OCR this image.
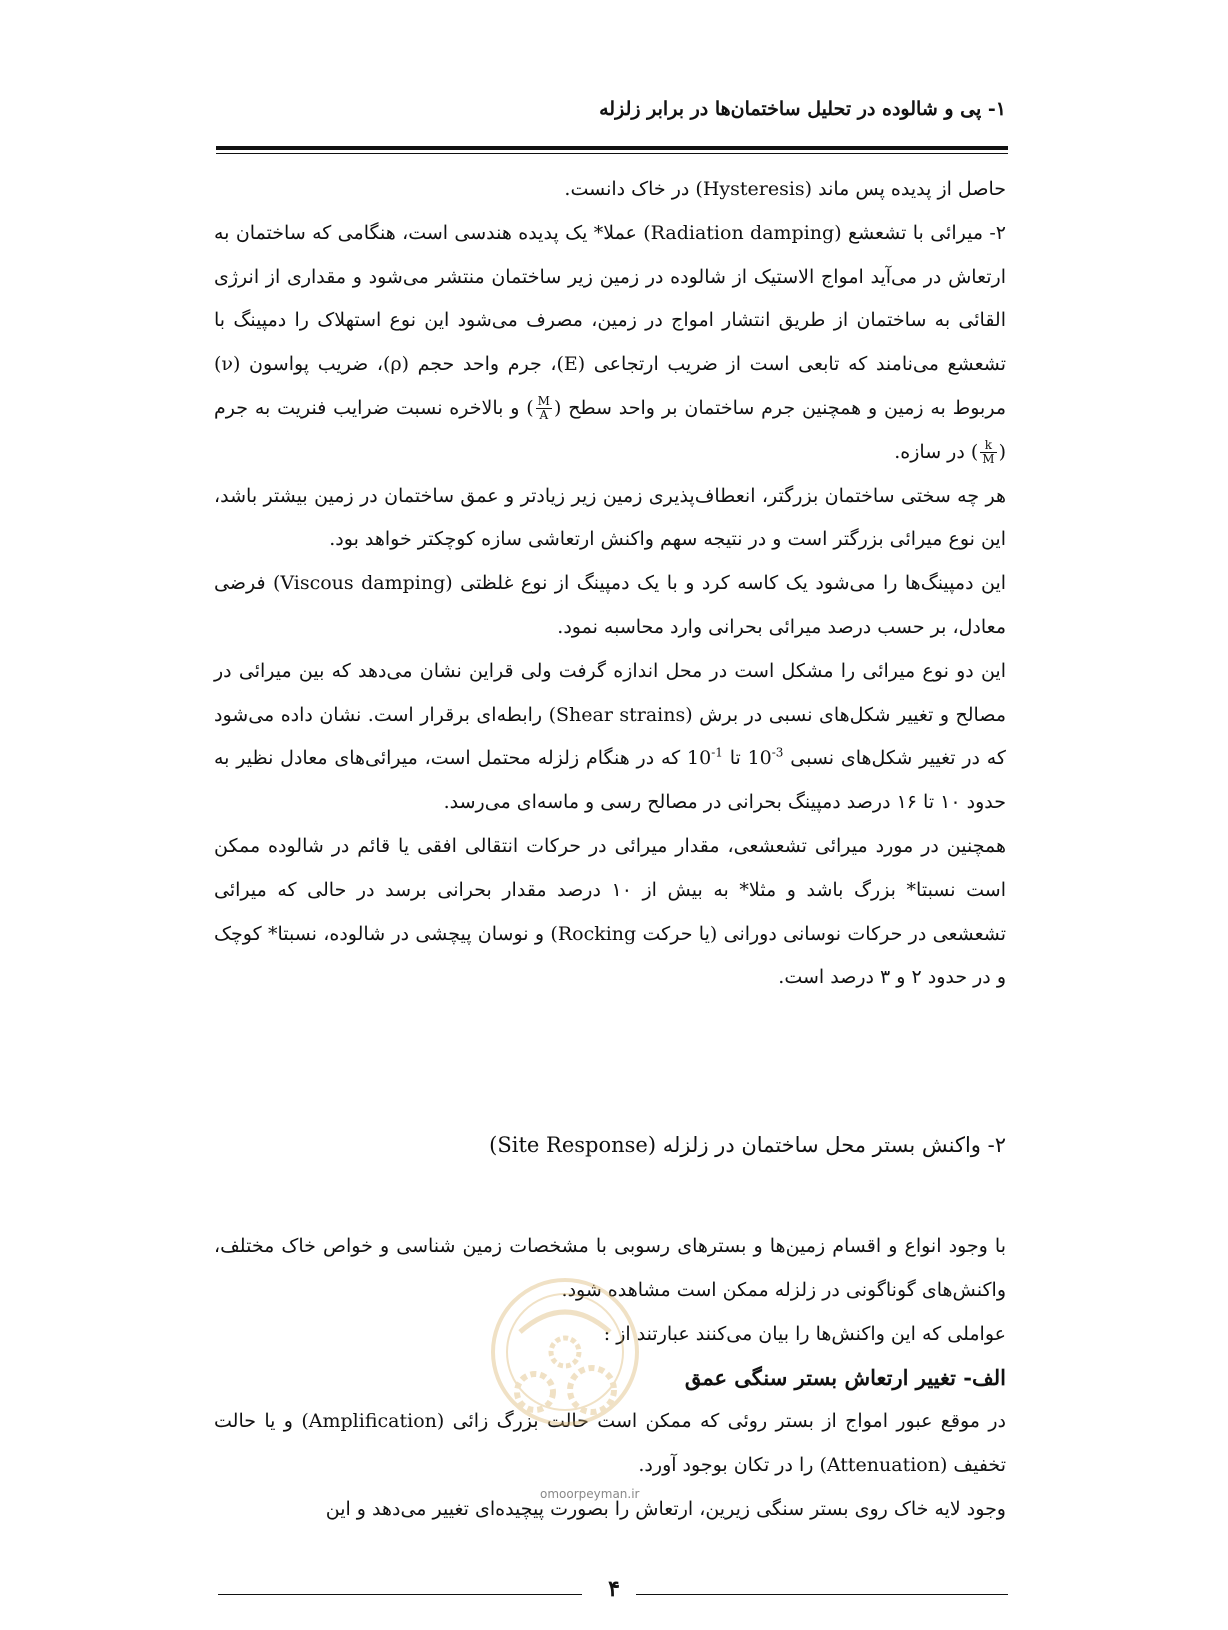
۱- پی و شالوده در تحلیل ساختمان‌ها در برابر زلزله

حاصل از پدیده پس ماند (Hysteresis) در خاک دانست.

۲- میرائی با تشعشع (Radiation damping) عملا* یک پدیده هندسی است، هنگامی که ساختمان به ارتعاش در می‌آید امواج الاستیک از شالوده در زمین زیر ساختمان منتشر می‌شود و مقداری از انرژی القائی به ساختمان از طریق انتشار امواج در زمین، مصرف می‌شود این نوع استهلاک را دمپینگ با تشعشع می‌نامند که تابعی است از ضریب ارتجاعی (E)، جرم واحد حجم (ρ)، ضریب پواسون (ν) مربوط به زمین و همچنین جرم ساختمان بر واحد سطح (
$\frac{M}{A}$
) و بالاخره نسبت ضرایب فنریت به جرم (
$\frac{k}{M}$
) در سازه.

هر چه سختی ساختمان بزرگتر، انعطاف‌پذیری زمین زیر زیادتر و عمق ساختمان در زمین بیشتر باشد، این نوع میرائی بزرگتر است و در نتیجه سهم واکنش ارتعاشی سازه کوچکتر خواهد بود.

این دمپینگ‌ها را می‌شود یک کاسه کرد و با یک دمپینگ از نوع غلظتی (Viscous damping) فرضی معادل، بر حسب درصد میرائی بحرانی وارد محاسبه نمود.

این دو نوع میرائی را مشکل است در محل اندازه گرفت ولی قراین نشان می‌دهد که بین میرائی در مصالح و تغییر شکل‌های نسبی در برش (Shear strains) رابطه‌ای برقرار است. نشان داده می‌شود که در تغییر شکل‌های نسبی $10^{-3}$ تا $10^{-1}$ که در هنگام زلزله محتمل است، میرائی‌های معادل نظیر به حدود ۱۰ تا ۱۶ درصد دمپینگ بحرانی در مصالح رسی و ماسه‌ای می‌رسد.

همچنین در مورد میرائی تشعشعی، مقدار میرائی در حرکات انتقالی افقی یا قائم در شالوده ممکن است نسبتا* بزرگ باشد و مثلا* به بیش از ۱۰ درصد مقدار بحرانی برسد در حالی که میرائی تشعشعی در حرکات نوسانی دورانی (یا حرکت Rocking) و نوسان پیچشی در شالوده، نسبتا* کوچک و در حدود ۲ و ۳ درصد است.

۲- واکنش بستر محل ساختمان در زلزله (Site Response)

با وجود انواع و اقسام زمین‌ها و بسترهای رسوبی با مشخصات زمین شناسی و خواص خاک مختلف، واکنش‌های گوناگونی در زلزله ممکن است مشاهده شود.

عواملی که این واکنش‌ها را بیان می‌کنند عبارتند از :

الف- تغییر ارتعاش بستر سنگی عمق

در موقع عبور امواج از بستر روئی که ممکن است حالت بزرگ زائی (Amplification) و یا حالت تخفیف (Attenuation) را در تکان بوجود آورد.

وجود لایه خاک روی بستر سنگی زیرین، ارتعاش را بصورت پیچیده‌ای تغییر می‌دهد و این

omoorpeyman.ir
۴
